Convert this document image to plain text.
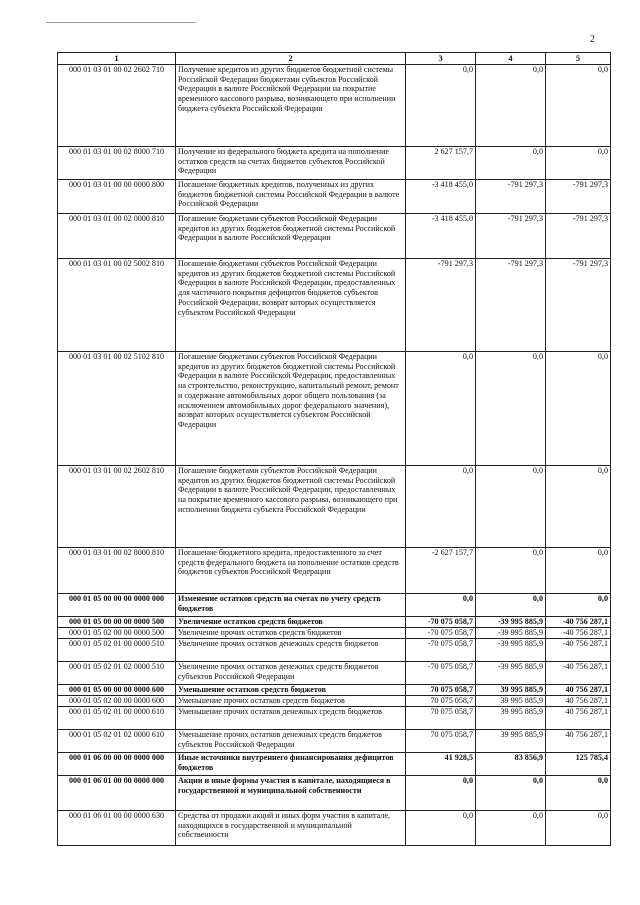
2
1	2	3	4	5
000 01 03 01 00 02 2602 710	Получение кредитов из других бюджетов бюджетной системы Российской Федерации бюджетами субъектов Российской Федерации в валюте Российской Федерации на покрытие временного кассового разрыва, возникающего при исполнении бюджета субъекта Российской Федерации	0,0	0,0	0,0
000 01 03 01 00 02 8000 710	Получение из федерального бюджета кредита на пополнение остатков средств на счетах бюджетов субъектов Российской Федерации	2 627 157,7	0,0	0,0
000 01 03 01 00 00 0000 800	Погашение бюджетных кредитов, полученных из других бюджетов бюджетной системы Российской Федерации в валюте Российской Федерации	-3 418 455,0	-791 297,3	-791 297,3
000 01 03 01 00 02 0000 810	Погашение бюджетами субъектов Российской Федерации кредитов из других бюджетов бюджетной системы Российской Федерации в валюте Российской Федерации	-3 418 455,0	-791 297,3	-791 297,3
000 01 03 01 00 02 5002 810	Погашение бюджетами субъектов Российской Федерации кредитов из других бюджетов бюджетной системы Российской Федерации в валюте Российской Федерации, предоставленных для частичного покрытия дефицитов бюджетов субъектов Российской Федерации, возврат которых осуществляется субъектом Российской Федерации	-791 297,3	-791 297,3	-791 297,3
000 01 03 01 00 02 5102 810	Погашение бюджетами субъектов Российской Федерации кредитов из других бюджетов бюджетной системы Российской Федерации в валюте Российской Федерации, предоставленных на строительство, реконструкцию, капитальный ремонт, ремонт и содержание автомобильных дорог общего пользования (за исключением автомобильных дорог федерального значения), возврат которых осуществляется субъектом Российской Федерации	0,0	0,0	0,0
000 01 03 01 00 02 2602 810	Погашение бюджетами субъектов Российской Федерации кредитов из других бюджетов бюджетной системы Российской Федерации в валюте Российской Федерации, предоставленных на покрытие временного кассового разрыва, возникающего при исполнении бюджета субъекта Российской Федерации	0,0	0,0	0,0
000 01 03 01 00 02 8000 810	Погашение бюджетного кредита, предоставленного за счет средств федерального бюджета на пополнение остатков средств бюджетов субъектов Российской Федерации	-2 627 157,7	0,0	0,0
000 01 05 00 00 00 0000 000	Изменение остатков средств на счетах по учету средств бюджетов	0,0	0,0	0,0
000 01 05 00 00 00 0000 500	Увеличение остатков средств бюджетов	-70 075 058,7	-39 995 885,9	-40 756 287,1
000 01 05 02 00 00 0000 500	Увеличение прочих остатков средств бюджетов	-70 075 058,7	-39 995 885,9	-40 756 287,1
000 01 05 02 01 00 0000 510	Увеличение прочих остатков денежных средств бюджетов	-70 075 058,7	-39 995 885,9	-40 756 287,1
000 01 05 02 01 02 0000 510	Увеличение прочих остатков денежных средств бюджетов субъектов Российской Федерации	-70 075 058,7	-39 995 885,9	-40 756 287,1
000 01 05 00 00 00 0000 600	Уменьшение остатков средств бюджетов	70 075 058,7	39 995 885,9	40 756 287,1
000 01 05 02 00 00 0000 600	Уменьшение прочих остатков средств бюджетов	70 075 058,7	39 995 885,9	40 756 287,1
000 01 05 02 01 00 0000 610	Уменьшение прочих остатков денежных средств бюджетов	70 075 058,7	39 995 885,9	40 756 287,1
000 01 05 02 01 02 0000 610	Уменьшение прочих остатков денежных средств бюджетов субъектов Российской Федерации	70 075 058,7	39 995 885,9	40 756 287,1
000 01 06 00 00 00 0000 000	Иные источники внутреннего финансирования дефицитов бюджетов	41 928,5	83 856,9	125 785,4
000 01 06 01 00 00 0000 000	Акции и иные формы участия в капитале, находящиеся в государственной и муниципальной собственности	0,0	0,0	0,0
000 01 06 01 00 00 0000 630	Средства от продажи акций и иных форм участия в капитале, находящихся в государственной и муниципальной собственности	0,0	0,0	0,0
